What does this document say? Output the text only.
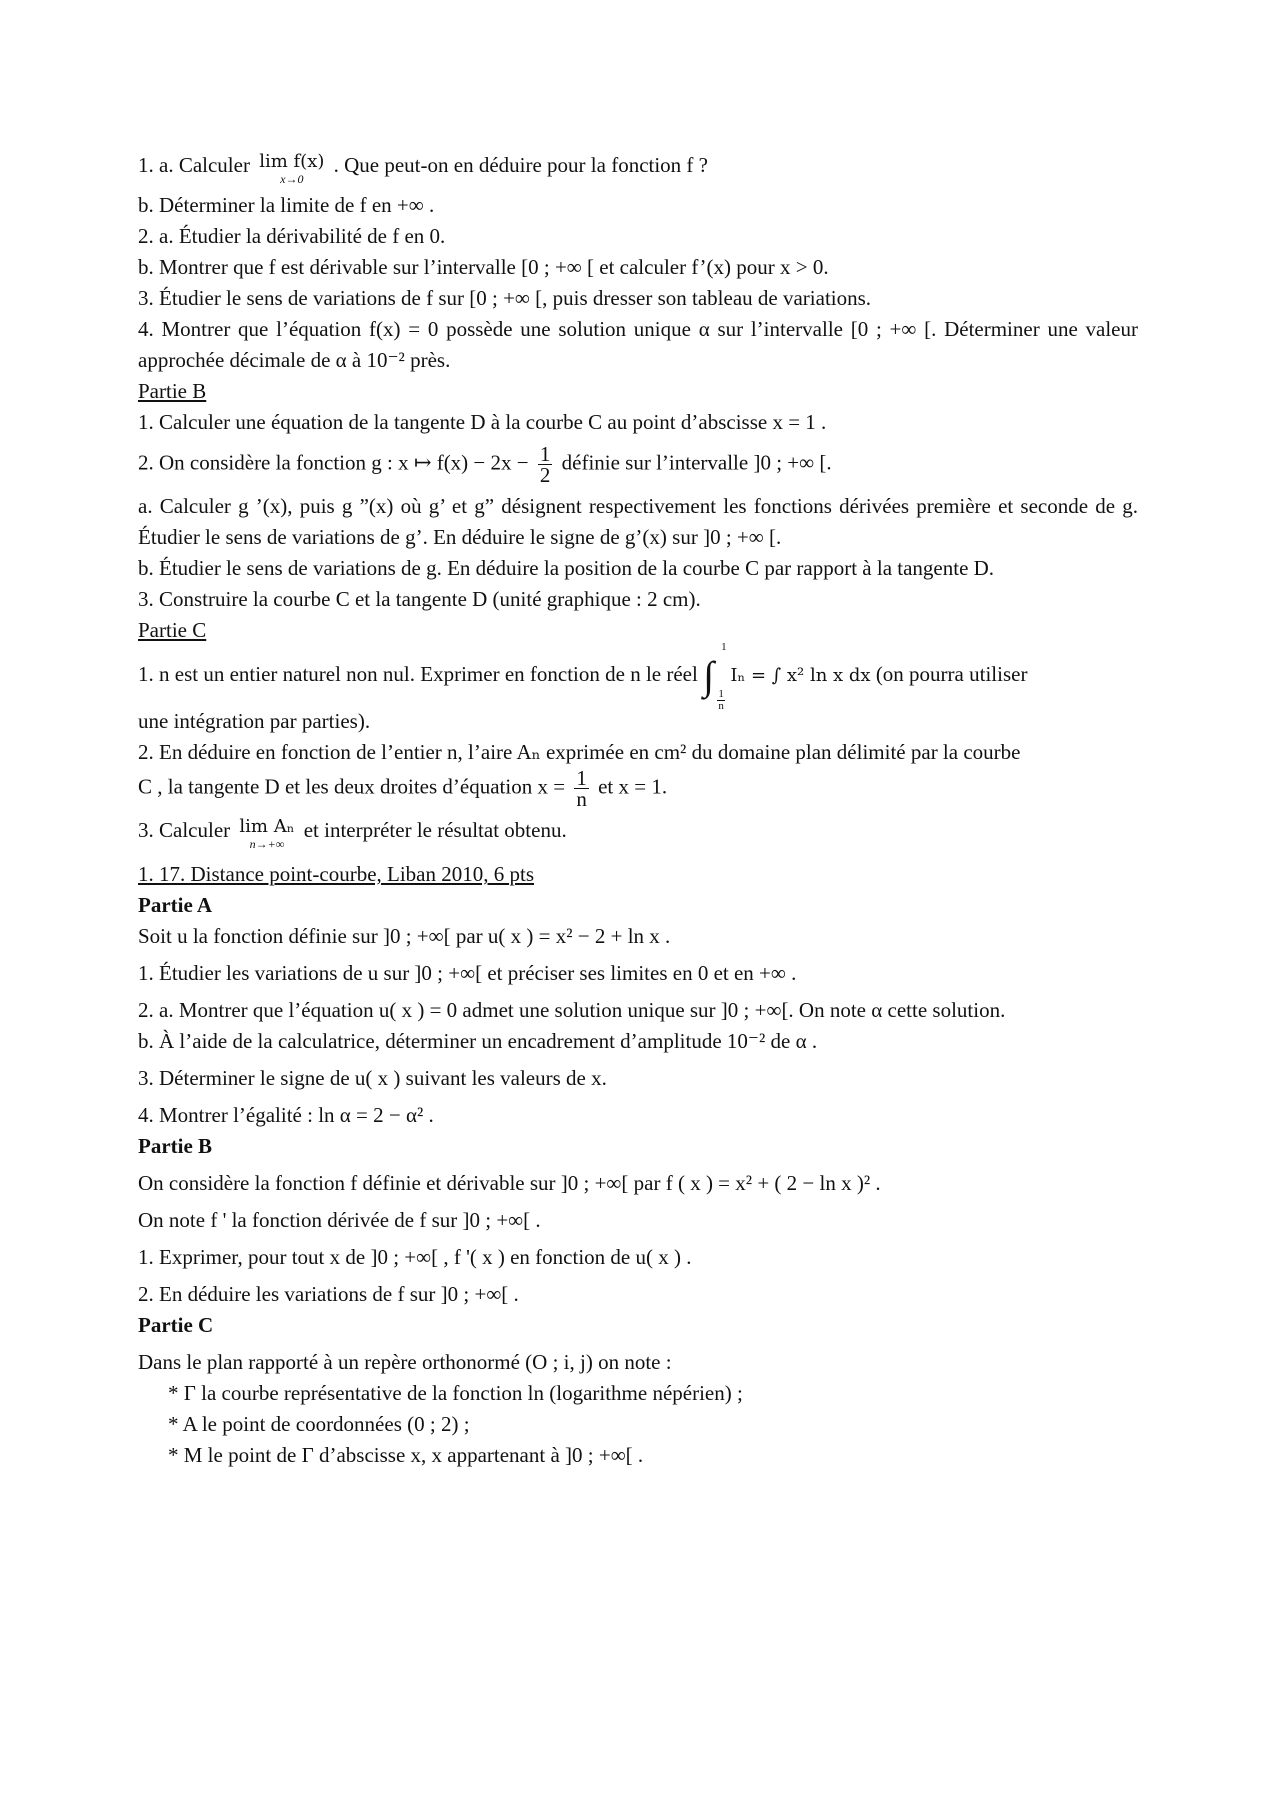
1. a. Calculer lim f(x)
x→0
. Que peut-on en déduire pour la fonction f ?

b. Déterminer la limite de f en +∞ .

2. a. Étudier la dérivabilité de f en 0.

b. Montrer que f est dérivable sur l’intervalle [0 ; +∞ [ et calculer f’(x) pour x > 0.

3. Étudier le sens de variations de f sur [0 ; +∞ [, puis dresser son tableau de variations.

4. Montrer que l’équation f(x) = 0 possède une solution unique α sur l’intervalle [0 ; +∞ [. Déterminer une valeur approchée décimale de α à 10⁻² près.

Partie B

1. Calculer une équation de la tangente D à la courbe C au point d’abscisse x = 1 .

2. On considère la fonction g : x ↦ $f(x) - 2x - \frac{1}{2}$ définie sur l’intervalle ]0 ; +∞ [.

a. Calculer g ’(x), puis g ”(x) où g’ et g” désignent respectivement les fonctions dérivées première et seconde de g. Étudier le sens de variations de g’. En déduire le signe de g’(x) sur ]0 ; +∞ [.

b. Étudier le sens de variations de g. En déduire la position de la courbe C par rapport à la tangente D.

3. Construire la courbe C et la tangente D (unité graphique : 2 cm).

Partie C

1. n est un entier naturel non nul. Exprimer en fonction de n le réel ∫
1
1
n
Iₙ = ∫ x² ln x dx (on pourra utiliser

une intégration par parties).

2. En déduire en fonction de l’entier n, l’aire Aₙ exprimée en cm² du domaine plan délimité par la courbe

C , la tangente D et les deux droites d’équation $x = \frac{1}{n}$ et x = 1.

3. Calculer lim Aₙ
n→+∞
et interpréter le résultat obtenu.

1. 17. Distance point-courbe, Liban 2010, 6 pts

Partie A

Soit u la fonction définie sur ]0 ; +∞[ par u( x ) = x² − 2 + ln x .

1. Étudier les variations de u sur ]0 ; +∞[ et préciser ses limites en 0 et en +∞ .

2. a. Montrer que l’équation u( x ) = 0 admet une solution unique sur ]0 ; +∞[. On note α cette solution.

b. À l’aide de la calculatrice, déterminer un encadrement d’amplitude 10⁻² de α .

3. Déterminer le signe de u( x ) suivant les valeurs de x.

4. Montrer l’égalité : ln α = 2 − α² .

Partie B

On considère la fonction f définie et dérivable sur ]0 ; +∞[ par f ( x ) = x² + ( 2 − ln x )² .

On note f ' la fonction dérivée de f sur ]0 ; +∞[ .

1. Exprimer, pour tout x de ]0 ; +∞[ , f '( x ) en fonction de u( x ) .

2. En déduire les variations de f sur ]0 ; +∞[ .

Partie C

Dans le plan rapporté à un repère orthonormé (O ; i, j) on note :

* Γ la courbe représentative de la fonction ln (logarithme népérien) ;

* A le point de coordonnées (0 ; 2) ;

* M le point de Γ d’abscisse x, x appartenant à ]0 ; +∞[ .
